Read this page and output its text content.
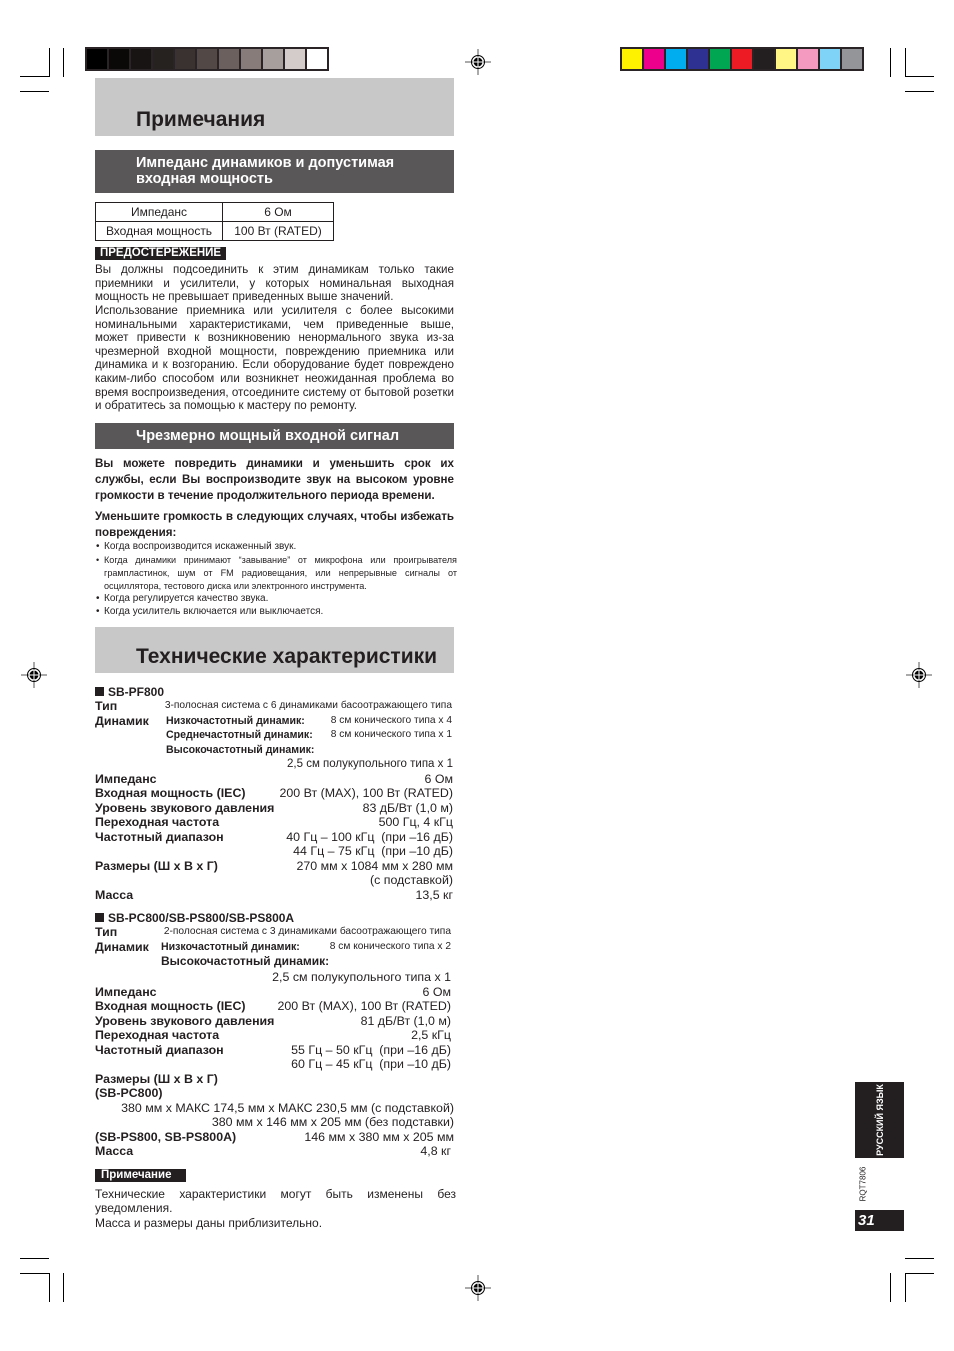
Примечания
Импеданс динамиков и допустимая входная мощность
Импеданс	6 Ом
Входная мощность	100 Вт (RATED)
ПРЕДОСТЕРЕЖЕНИЕ
Вы должны подсоединить к этим динамикам только такие приемники и усилители, у которых номинальная выходная мощность не превышает приведенных выше значений.
Использование приемника или усилителя с более высокими номинальными характеристиками, чем приведенные выше, может привести к возникновению ненормального звука из-за чрезмерной входной мощности, повреждению приемника или динамика и к возгоранию. Если оборудование будет повреждено каким-либо способом или возникнет неожиданная проблема во время воспроизведения, отсоедините систему от бытовой розетки и обратитесь за помощью к мастеру по ремонту.
Чрезмерно мощный входной сигнал
Вы можете повредить динамики и уменьшить срок их службы, если Вы воспроизводите звук на высоком уровне громкости в течение продолжительного периода времени.
Уменьшите громкость в следующих случаях, чтобы избежать повреждения:
• Когда воспроизводится искаженный звук.
• Когда динамики принимают “завывание” от микрофона или проигрывателя грампластинок, шум от FM радиовещания, или непрерывные сигналы от осциллятора, тестового диска или электронного инструмента.
• Когда регулируется качество звука.
• Когда усилитель включается или выключается.
Технические характеристики
SB-PF800
Тип	3-полосная система с 6 динамиками басоотражающего типа
Динамик Низкочастотный динамик:	8 см конического типа x 4
Среднечастотный динамик: 8 см конического типа x 1
Высокочастотный динамик:
2,5 см полукупольного типа x 1
Импеданс	6 Ом
Входная мощность (IEC)	200 Вт (MAX), 100 Вт (RATED)
Уровень звукового давления	83 дБ/Вт (1,0 м)
Переходная частота	500 Гц, 4 кГц
Частотный диапазон	40 Гц – 100 кГц  (при –16 дБ)
44 Гц – 75 кГц  (при –10 дБ)
Размеры (Ш x В x Г)	270 мм x 1084 мм x 280 мм
(с подставкой)
Масса	13,5 кг
SB-PC800/SB-PS800/SB-PS800A
Тип	2-полосная система с 3 динамиками басоотражающего типа
Динамик Низкочастотный динамик:	8 см конического типа x 2
Высокочастотный динамик:
2,5 см полукупольного типа x 1
Импеданс	6 Ом
Входная мощность (IEC)	200 Вт (MAX), 100 Вт (RATED)
Уровень звукового давления	81 дБ/Вт (1,0 м)
Переходная частота	2,5 кГц
Частотный диапазон	55 Гц – 50 кГц  (при –16 дБ)
60 Гц – 45 кГц  (при –10 дБ)
Размеры (Ш x В x Г)
(SB-PC800)
380 мм x МАКС 174,5 мм x МАКС 230,5 мм (с подставкой)
380 мм x 146 мм x 205 мм (без подставки)
(SB-PS800, SB-PS800A)	146 мм x 380 мм x 205 мм
Масса	4,8 кг
Примечание
Технические характеристики могут быть изменены без уведомления.
Масса и размеры даны приблизительно.
РУССКИЙ ЯЗЫК
RQT7806
31
